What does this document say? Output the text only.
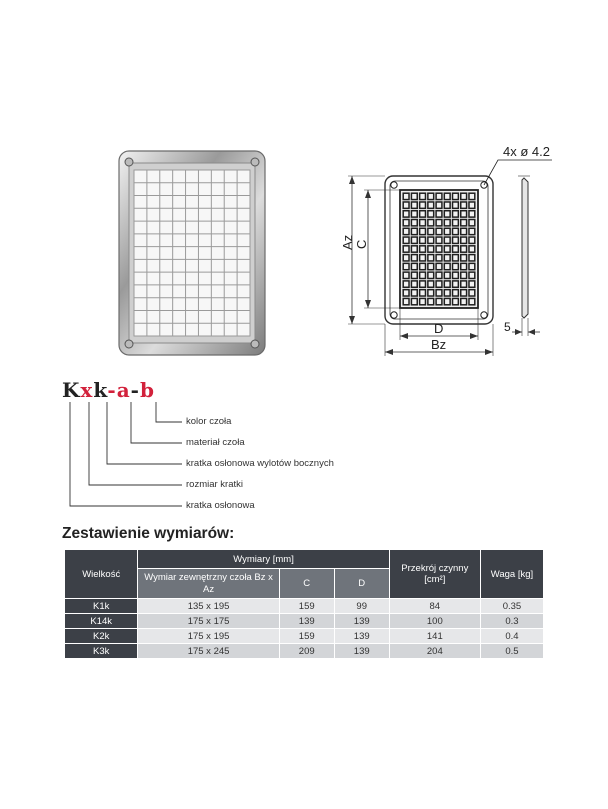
4x ø 4.2
Az C
D
Bz
5
Kxk-a-b
kolor czoła
materiał czoła
kratka osłonowa wylotów bocznych
rozmiar kratki
kratka osłonowa
Zestawienie wymiarów:
Wielkość	Wymiary [mm]			Przekrój czynny [cm²]	Waga [kg]
	Wymiar zewnętrzny czoła Bz x Az	C	D		
K1k	135 x 195	159	99	84	0.35
K14k	175 x 175	139	139	100	0.3
K2k	175 x 195	159	139	141	0.4
K3k	175 x 245	209	139	204	0.5
